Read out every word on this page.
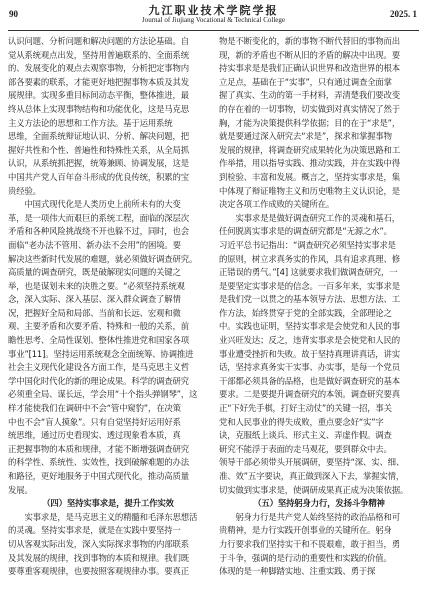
90	九江职业技术学院学报
Journal of Jiujiang Vocational & Technical College
2025. 1
认识问题、分析问题和解决问题的方法论基础。自
觉从系统观点出发，坚持用普遍联系的、全面系统
的、发展变化的观点去观察事物，分析把定事物内
部各要素的联系，才能更好地把握事物本质及其发
展规律。实现多重目标间动态平衡，整体推进，最
终从总体上实现事物结构和功能优化，这是马克思
主义方法论的思想和工作方法。基于运用系统
思维，全面系统辩证地认识、分析、解决问题，把
握好共性和个性、普遍性和特殊性关系，从全局抓
认识，从系统抓把握，统筹兼顾、协调发展，这是
中国共产党人百年奋斗形成的优良传统，积累的宝
贵经验。
　　中国式现代化是人类历史上前所未有的大变
革，是一项伟大而艰巨的系统工程，面临的深层次
矛盾和各种风险挑战绕不开也躲不过，同时，也会
面临“老办法不管用、新办法不会用”的困境。要
解决这些新时代发展的难题，就必须做好调查研究。
高质量的调查研究，既是破解现实问题的关键之
举，也是谋划未来的决胜之要。“必须坚持系统观
念，深入实际、深入基层、深入群众调查了解情
况，把握好全局和局部、当前和长远、宏观和微
观、主要矛盾和次要矛盾、特殊和一般的关系，前
瞻性思考、全局性谋划、整体性推进党和国家各项
事业”[11]。坚持运用系统观念全面统筹、协调推进
社会主义现代化建设各方面工作，是马克思主义哲
学中国化时代化的新的理论成果。科学的调查研究
必须重全局、谋长远，学会用“十个指头弹钢琴”，这
样才能使我们在调研中不会“管中窥豹”，在决策
中也不会“盲人摸象”。只有自觉坚持好运用好系
统思维，通过历史看现实、透过现象看本质，真
正把握事物的本质和规律，才能不断增强调查研究
的科学性、系统性、实效性，找到破解难题的办法
和路径，更好地服务于中国式现代化，推动高质量
发展。
（四）坚持实事求是，提升工作实效
　　实事求是，是马克思主义的精髓和毛泽东思想活
的灵魂。坚持实事求是，就是在实践中要坚持一
切从客观实际出发，深入实际探求事物的内部联系
及其发展的规律，找到事物的本质和规律。我们既
要尊重客观规律，也要按照客观规律办事。要真正
物是不断变化的，新的事物不断代替旧的事物而出
现，新的矛盾也不断从旧的矛盾的解决中出现。要
持实事求是是我们正确认识世界和改造世界的根本
立足点，基础在于“实事”，只有通过调查全面掌
握了真实、生动的第一手材料，弄清楚我们要改变
的存在着的一切事物，切实做到对真实情况了然于
胸，才能为决策提供科学依据；目的在于“求是”，
就是要通过深入研究去“求是”，探求和掌握事物
发展的规律，将调查研究成果转化为决策思路和工
作举措，用以指导实践、推动实践，并在实践中得
到检验、丰富和发展。概言之，坚持实事求是，集
中体现了辩证唯物主义和历史唯物主义认识论，是
决定各项工作成败的关键所在。
　　实事求是是做好调查研究工作的灵魂和基石，
任何脱离实事求是的调查研究都是“无源之水”。
习近平总书记指出：“调查研究必须坚持实事求是
的原则，树立求真务实的作风，具有追求真理、修
正错误的勇气。”[4] 这就要求我们做调查研究，一
是要坚定实事求是的信念。一百多年来，实事求是
是我们党一以贯之的基本领导方法、思想方法、工
作方法，始终贯穿于党的全部实践，全部理论之
中。实践也证明，坚持实事求是会使党和人民的事
业兴旺发达；反之，违背实事求是会使党和人民的
事业遭受挫折和失败。故于坚持真理讲真话，讲实
话，坚持求真务实干实事、办实事，是每一个党员
干部都必须具备的品格，也是做好调查研究的基本
要求。二是要提升调查研究的本领。调查研究要真
正“下好先手棋，打好主动仗”的关键一招，事关
党和人民事业的得失成败，重点要念好“实”字
诀，克服纸上谈兵、形式主义、弄虚作假。调查
研究不能浮于表面的走马观花，要到群众中去。
领导干部必须带头开展调研，要坚持“深、实、细、
准、效”五字要诀，真正做到深入下去，掌握实情，
切实做到实事求是，使调研成果真正成为决策依据。
（五）坚持躬身力行，发扬斗争精神
　　躬身力行是共产党人始终坚持的政治品格和可
贵精神，是力行实践开创事业的关键所在。躬身
力行要求我们坚持实干和不畏艰难，敢于担当，勇
于斗争，强调的是行动的重要性和实践的价值。
体现的是一种脚踏实地、注重实践、勇于探
